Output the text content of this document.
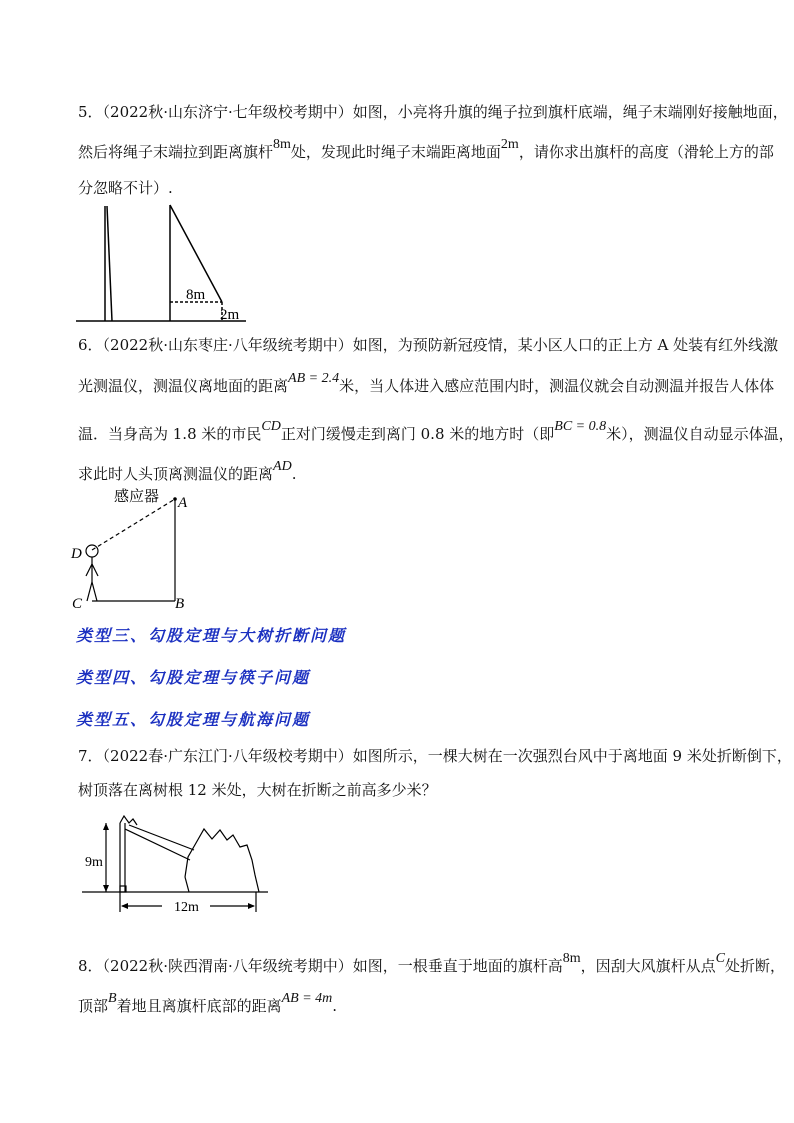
5．（2022秋·山东济宁·七年级校考期中）如图，小亮将升旗的绳子拉到旗杆底端，绳子末端刚好接触地面，
然后将绳子末端拉到距离旗杆8m处，发现此时绳子末端距离地面2m，请你求出旗杆的高度（滑轮上方的部
分忽略不计）.
8m
2m
6．（2022秋·山东枣庄·八年级统考期中）如图，为预防新冠疫情，某小区人口的正上方 A 处装有红外线激
光测温仪，测温仪离地面的距离AB = 2.4米，当人体进入感应范围内时，测温仪就会自动测温并报告人体体
温．当身高为 1.8 米的市民CD正对门缓慢走到离门 0.8 米的地方时（即BC = 0.8米），测温仪自动显示体温，
求此时人头顶离测温仪的距离AD.
感应器 A
D
C	B
类型三、勾股定理与大树折断问题
类型四、勾股定理与筷子问题
类型五、勾股定理与航海问题
7．（2022春·广东江门·八年级校考期中）如图所示，一棵大树在一次强烈台风中于离地面 9 米处折断倒下，
树顶落在离树根 12 米处，大树在折断之前高多少米？
9m
12m
8．（2022秋·陕西渭南·八年级统考期中）如图，一根垂直于地面的旗杆高8m，因刮大风旗杆从点C处折断，
顶部B着地且离旗杆底部的距离AB = 4m.
